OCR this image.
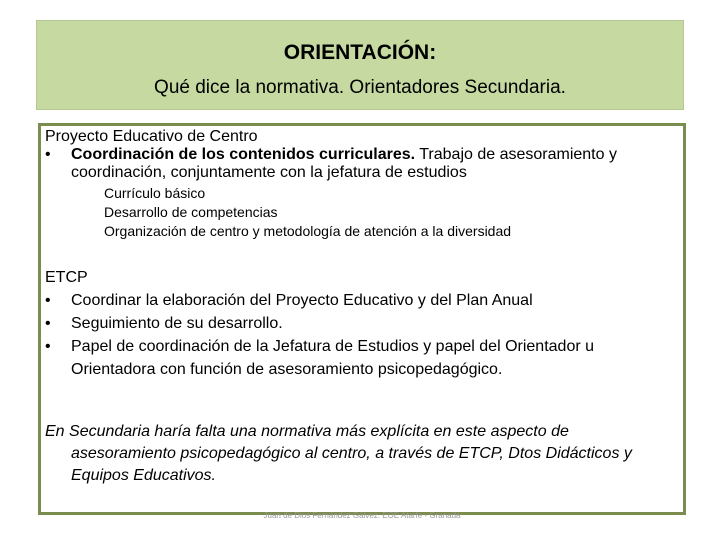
ORIENTACIÓN:
Qué dice la normativa. Orientadores Secundaria.
Proyecto Educativo de Centro
•	Coordinación de los contenidos curriculares. Trabajo de asesoramiento y coordinación, conjuntamente con la jefatura de estudios
Currículo básico
Desarrollo de competencias
Organización de centro y metodología de atención a la diversidad
ETCP
•	Coordinar la elaboración del Proyecto Educativo y del Plan Anual
•	Seguimiento de su desarrollo.
•	Papel de coordinación de la Jefatura de Estudios y papel del Orientador u Orientadora con función de asesoramiento psicopedagógico.
En Secundaria haría falta una normativa más explícita en este aspecto de asesoramiento psicopedagógico al centro, a través de ETCP, Dtos Didácticos y Equipos Educativos.
Juan de Dios Fernández Gálvez. EOE Atarfe - Granada
